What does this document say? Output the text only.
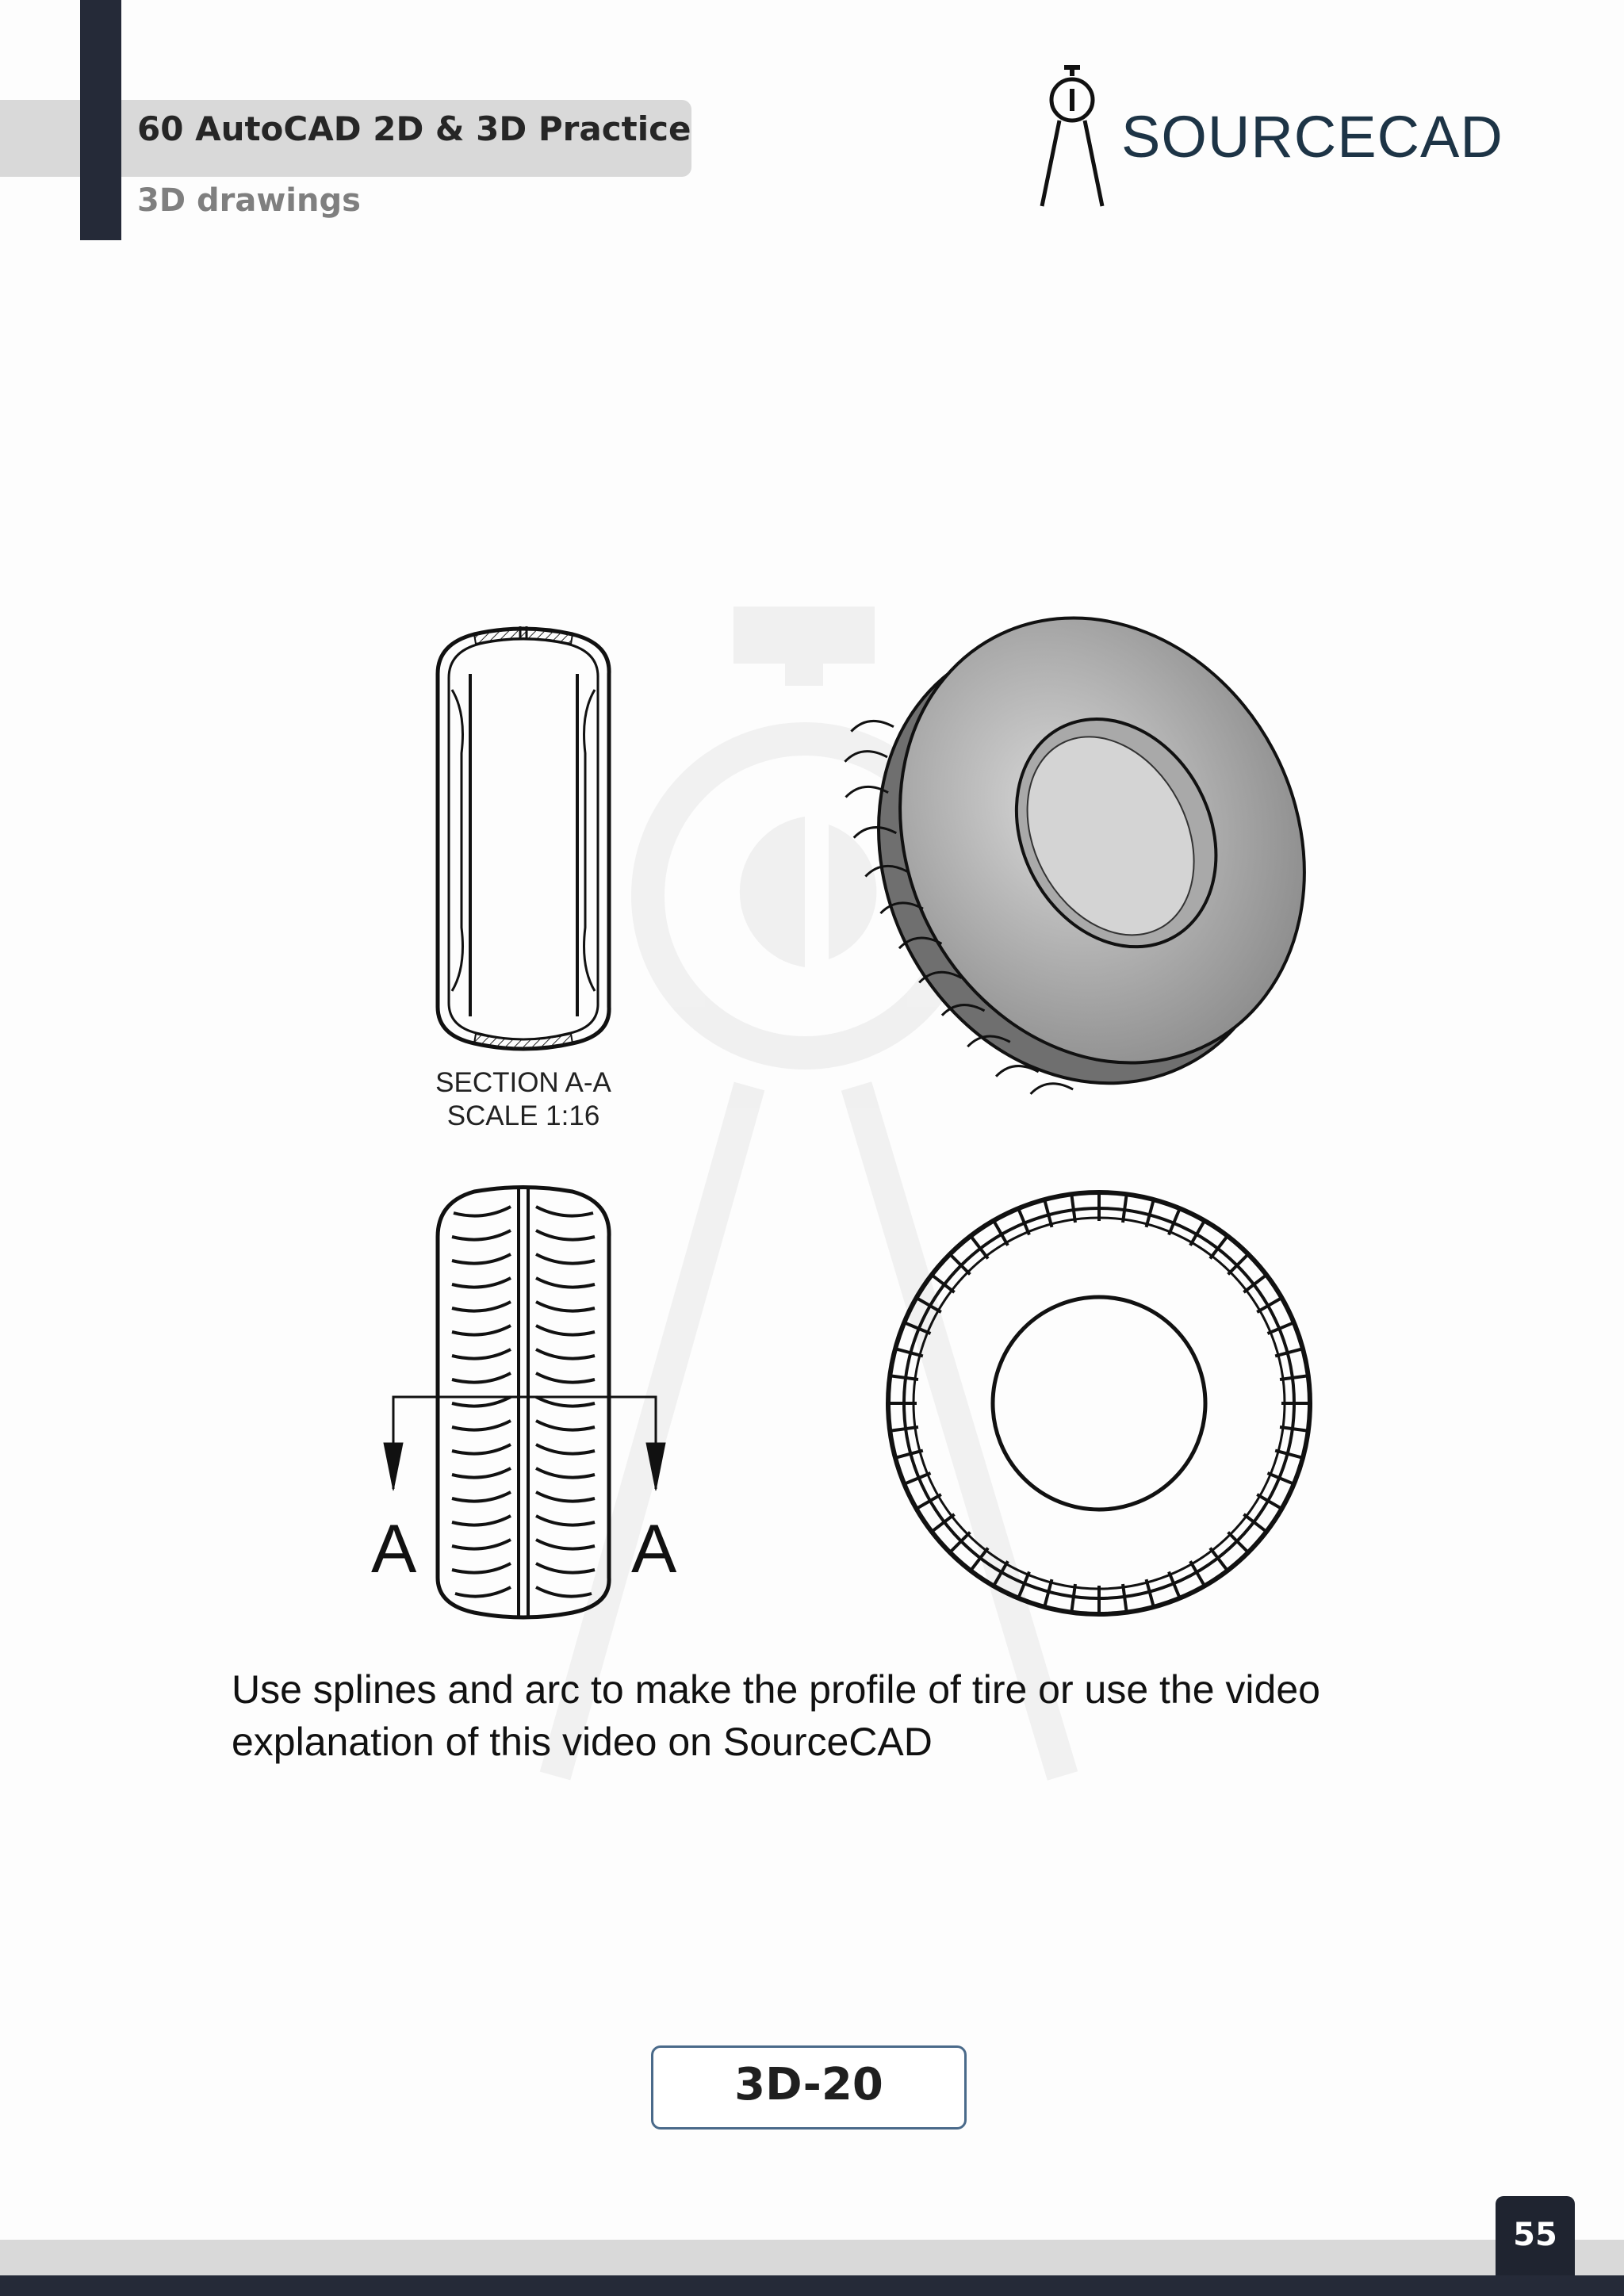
60 AutoCAD 2D & 3D Practice
3D drawings
SOURCECAD
SECTION A-A
SCALE 1:16
A	A
Use splines and arc to make the profile of tire or use the video
explanation of this video on SourceCAD
3D-20
55
